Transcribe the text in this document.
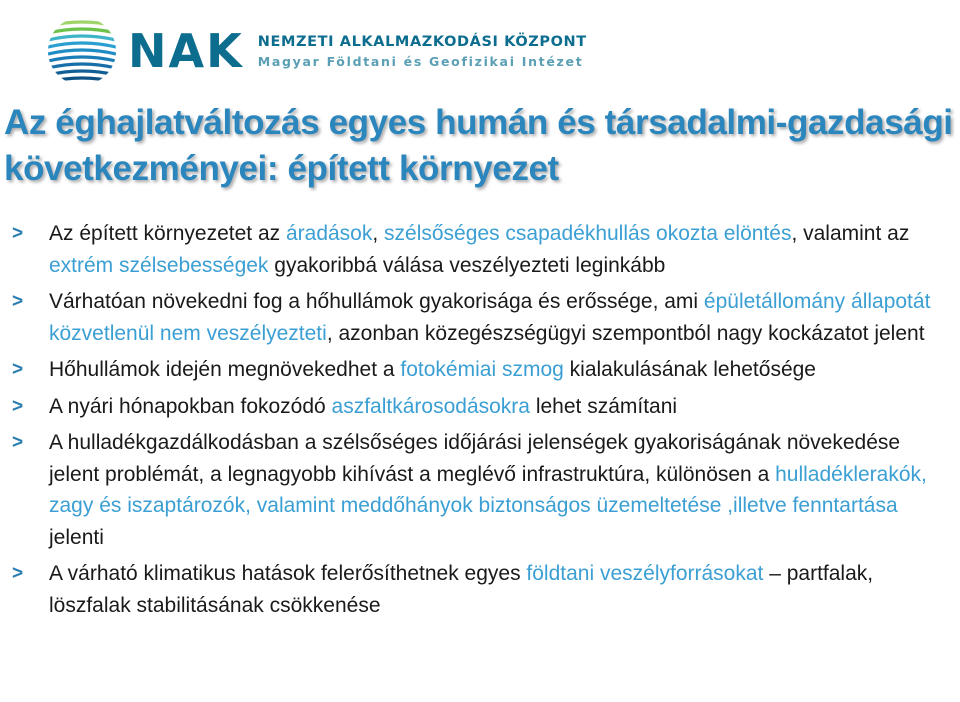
NAK NEMZETI ALKALMAZKODÁSI KÖZPONT
Magyar Földtani és Geofizikai Intézet
Az éghajlatváltozás egyes humán és társadalmi-gazdasági következményei: épített környezet
> Az épített környezetet az áradások, szélsőséges csapadékhullás okozta elöntés, valamint az extrém szélsebességek gyakoribbá válása veszélyezteti leginkább
> Várhatóan növekedni fog a hőhullámok gyakorisága és erőssége, ami épületállomány állapotát közvetlenül nem veszélyezteti, azonban közegészségügyi szempontból nagy kockázatot jelent
> Hőhullámok idején megnövekedhet a fotokémiai szmog kialakulásának lehetősége
> A nyári hónapokban fokozódó aszfaltkárosodásokra lehet számítani
> A hulladékgazdálkodásban a szélsőséges időjárási jelenségek gyakoriságának növekedése jelent problémát, a legnagyobb kihívást a meglévő infrastruktúra, különösen a hulladéklerakók, zagy és iszaptározók, valamint meddőhányok biztonságos üzemeltetése ,illetve fenntartása jelenti
> A várható klimatikus hatások felerősíthetnek egyes földtani veszélyforrásokat – partfalak, löszfalak stabilitásának csökkenése
